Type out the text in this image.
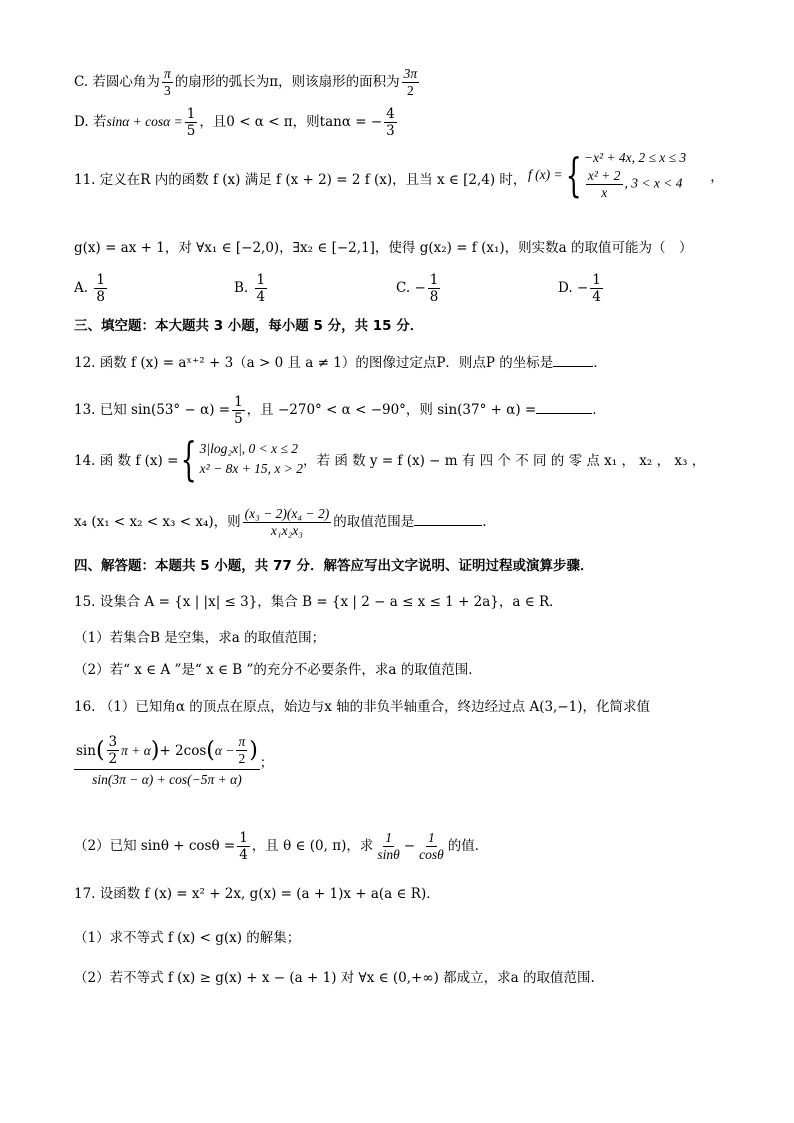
C. 若圆心角为 $\frac{\pi}{3}$ 的扇形的弧长为π，则该扇形的面积为 $\frac{3\pi}{2}$
D. 若$\sin\alpha + \cos\alpha = \frac{1}{5}$ ，且0 < α < π，则tanα = − $\frac{4}{3}$
11. 定义在R 内的函数 f (x) 满足 f (x + 2) = 2 f (x)，且当 x ∈ [2,4) 时， f (x) = { −x² + 4x, 2 ≤ x ≤ 3
$\frac{\text{x² + 2}}{x}$ , 3 < x < 4 ，
g(x) = ax + 1，对 ∀x₁ ∈ [−2,0)，∃x₂ ∈ [−2,1]，使得 g(x₂) = f (x₁)，则实数a 的取值可能为（　）
A. $\frac{1}{8}$	B. $\frac{1}{4}$	C. − $\frac{1}{8}$	D. − $\frac{1}{4}$
三、填空题：本大题共 3 小题，每小题 5 分，共 15 分．
12. 函数 f (x) = aˣ⁺² + 3（a > 0 且 a ≠ 1）的图像过定点P．则点P 的坐标是	．
13. 已知 $\sin(53^\circ - \alpha) = \frac{1}{5}$ ，且 −270° < α < −90°，则 sin(37° + α) =	．
14. 函 数 f (x) = { 3|log₂x|, 0 < x ≤ 2
x² − 8x + 15, x > 2 ，若 函 数 y = f (x) − m 有 四 个 不 同 的 零 点 x₁ ， x₂ ， x₃ ，
x₄ (x₁ < x₂ < x₃ < x₄)，则 $\frac{\text{(x₃ − 2)(x₄ − 2)}}{\text{x₁x₂x₃}}$ 的取值范围是	.
四、解答题：本题共 5 小题，共 77 分．解答应写出文字说明、证明过程或演算步骤．
15. 设集合 A = {x | |x| ≤ 3}，集合 B = {x | 2 − a ≤ x ≤ 1 + 2a}，a ∈ R．
（1）若集合B 是空集，求a 的取值范围；
（2）若“ x ∈ A ”是“ x ∈ B ”的充分不必要条件，求a 的取值范围．
16. （1）已知角α 的顶点在原点，始边与x 轴的非负半轴重合，终边经过点 A(3,−1)，化简求值
$\frac{\sin ( \frac{3}{2} \pi + \alpha ) + 2\cos ( \alpha - \frac{\pi}{2} )}{\sin(3\pi - \alpha) + \cos(-5\pi + \alpha)}$ ；
（2）已知 $\sin\theta + \cos\theta = \frac{1}{4}$ ，且 θ ∈ (0, π)，求 $\frac{1}{\sin\theta} - \frac{1}{\cos\theta}$ 的值．
17. 设函数 f (x) = x² + 2x, g(x) = (a + 1)x + a(a ∈ R)．
（1）求不等式 f (x) < g(x) 的解集；
（2）若不等式 f (x) ≥ g(x) + x − (a + 1) 对 ∀x ∈ (0,+∞) 都成立，求a 的取值范围.
